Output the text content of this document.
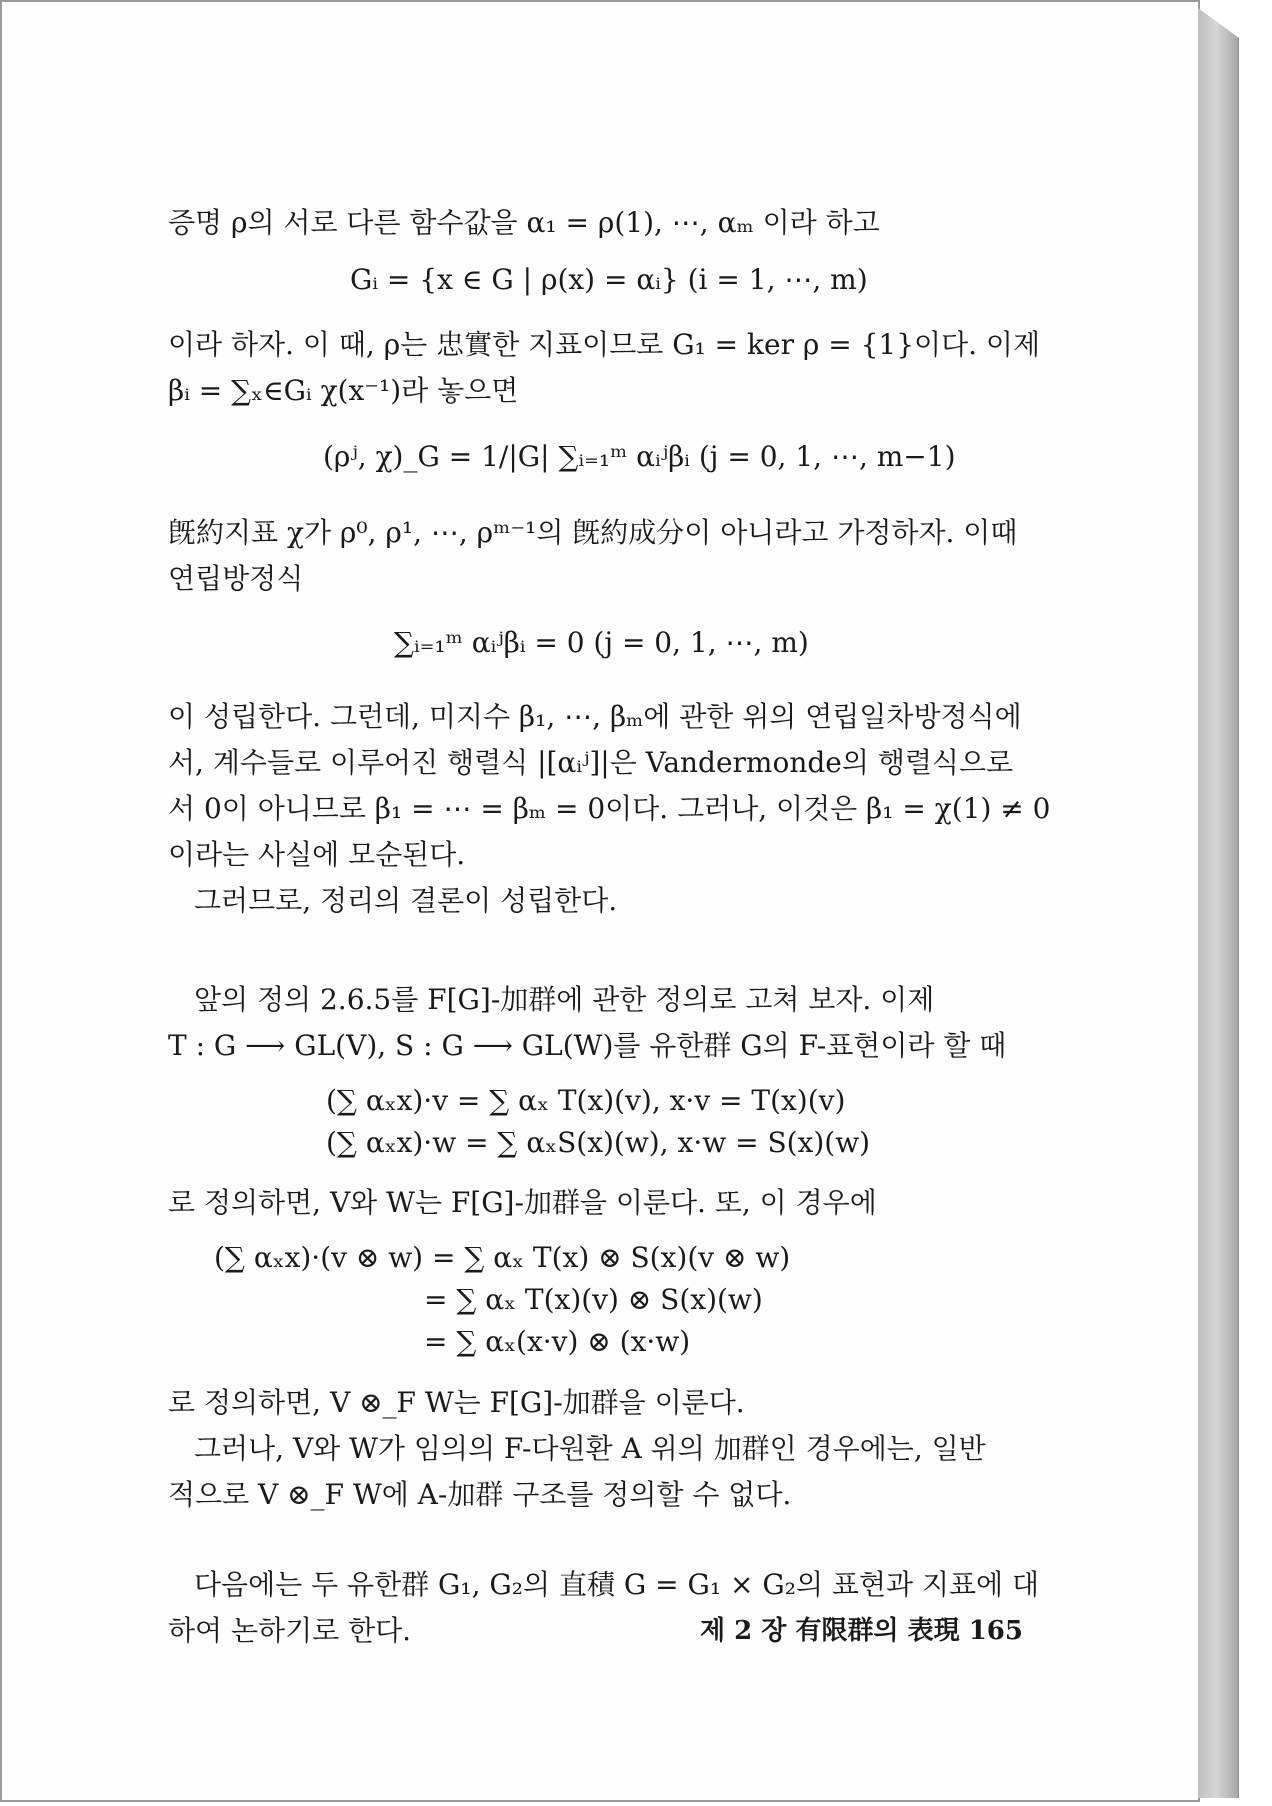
증명 ρ의 서로 다른 함수값을 α₁ = ρ(1), ⋯, αₘ 이라 하고
Gᵢ = {x ∈ G | ρ(x) = αᵢ} (i = 1, ⋯, m)
이라 하자. 이 때, ρ는 忠實한 지표이므로 G₁ = ker ρ = {1}이다. 이제
βᵢ = ∑ₓ∈Gᵢ χ(x⁻¹)라 놓으면
(ρʲ, χ)_G = 1/|G| ∑ᵢ₌₁ᵐ αᵢʲβᵢ (j = 0, 1, ⋯, m−1)
旣約지표 χ가 ρ⁰, ρ¹, ⋯, ρᵐ⁻¹의 旣約成分이 아니라고 가정하자. 이때
연립방정식
∑ᵢ₌₁ᵐ αᵢʲβᵢ = 0 (j = 0, 1, ⋯, m)
이 성립한다. 그런데, 미지수 β₁, ⋯, βₘ에 관한 위의 연립일차방정식에
서, 계수들로 이루어진 행렬식 |[αᵢʲ]|은 Vandermonde의 행렬식으로
서 0이 아니므로 β₁ = ⋯ = βₘ = 0이다. 그러나, 이것은 β₁ = χ(1) ≠ 0
이라는 사실에 모순된다.
그러므로, 정리의 결론이 성립한다.
앞의 정의 2.6.5를 F[G]-加群에 관한 정의로 고쳐 보자. 이제
T : G ⟶ GL(V), S : G ⟶ GL(W)를 유한群 G의 F-표현이라 할 때
(∑ αₓx)·v = ∑ αₓ T(x)(v), x·v = T(x)(v)
(∑ αₓx)·w = ∑ αₓS(x)(w), x·w = S(x)(w)
로 정의하면, V와 W는 F[G]-加群을 이룬다. 또, 이 경우에
(∑ αₓx)·(v ⊗ w) = ∑ αₓ T(x) ⊗ S(x)(v ⊗ w)
= ∑ αₓ T(x)(v) ⊗ S(x)(w)
= ∑ αₓ(x·v) ⊗ (x·w)
로 정의하면, V ⊗_F W는 F[G]-加群을 이룬다.
그러나, V와 W가 임의의 F-다원환 A 위의 加群인 경우에는, 일반
적으로 V ⊗_F W에 A-加群 구조를 정의할 수 없다.
다음에는 두 유한群 G₁, G₂의 直積 G = G₁ × G₂의 표현과 지표에 대
하여 논하기로 한다.	제 2 장 有限群의 表現 165
